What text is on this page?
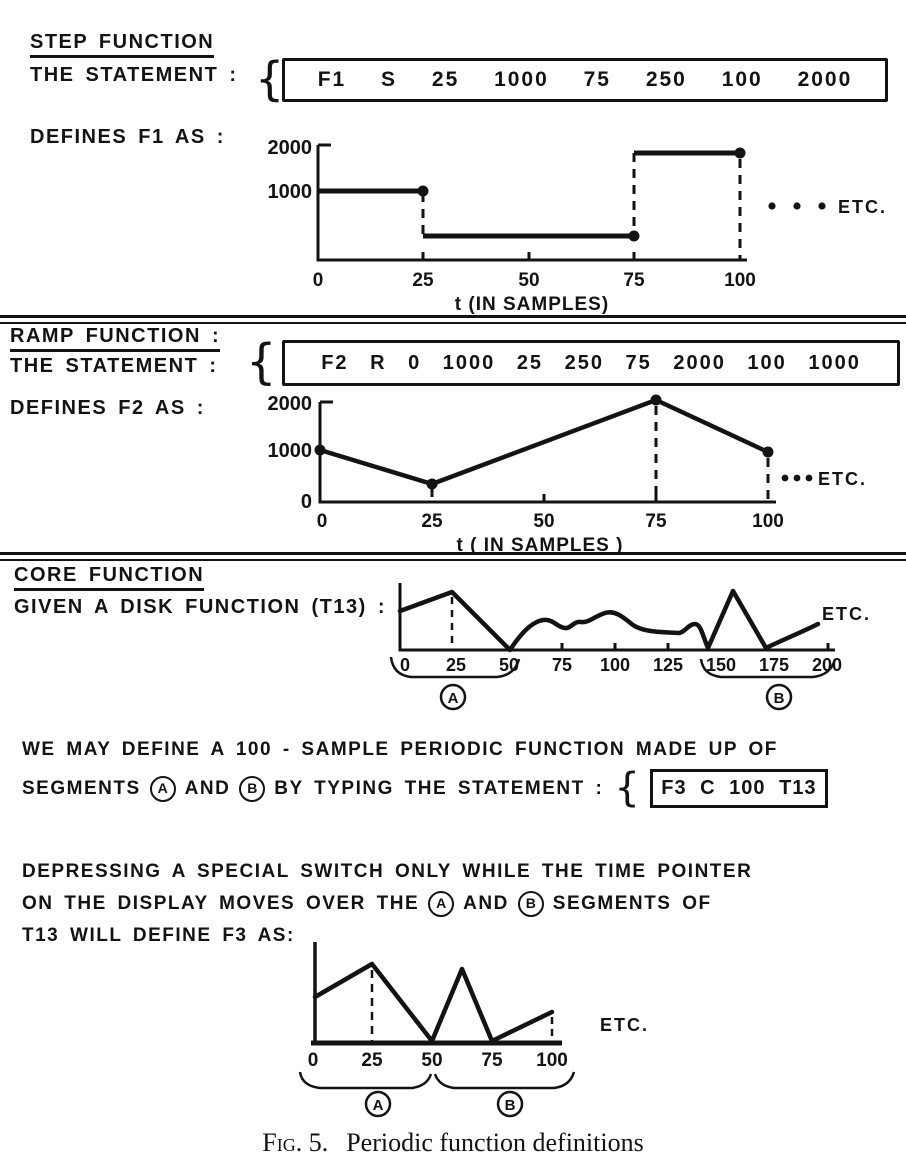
STEP FUNCTION
THE STATEMENT : {	F1 S 25 1000 75 250 100 2000
DEFINES F1 AS : 2000
1000
0	25	50	75	100
t (IN SAMPLES)
ETC.
RAMP FUNCTION :
THE STATEMENT : {	F2 R 0 1000 25 250 75 2000 100 1000
DEFINES F2 AS :	2000
1000
0
0	25	50	75	100
t ( IN SAMPLES )
ETC.
CORE FUNCTION
GIVEN A DISK FUNCTION (T13) :	ETC.
0 25 50 75 100 125 150 175 200
A	B
WE MAY DEFINE A 100 - SAMPLE PERIODIC FUNCTION MADE UP OF
SEGMENTS	A AND	B BY TYPING THE STATEMENT : {	F3 C 100 T13
DEPRESSING A SPECIAL SWITCH ONLY WHILE THE TIME POINTER
ON THE DISPLAY MOVES OVER THE	A AND	B SEGMENTS OF
T13 WILL DEFINE F3 AS:
ETC.
0 25 50 75 100
A	B
Fig. 5. Periodic function definitions
